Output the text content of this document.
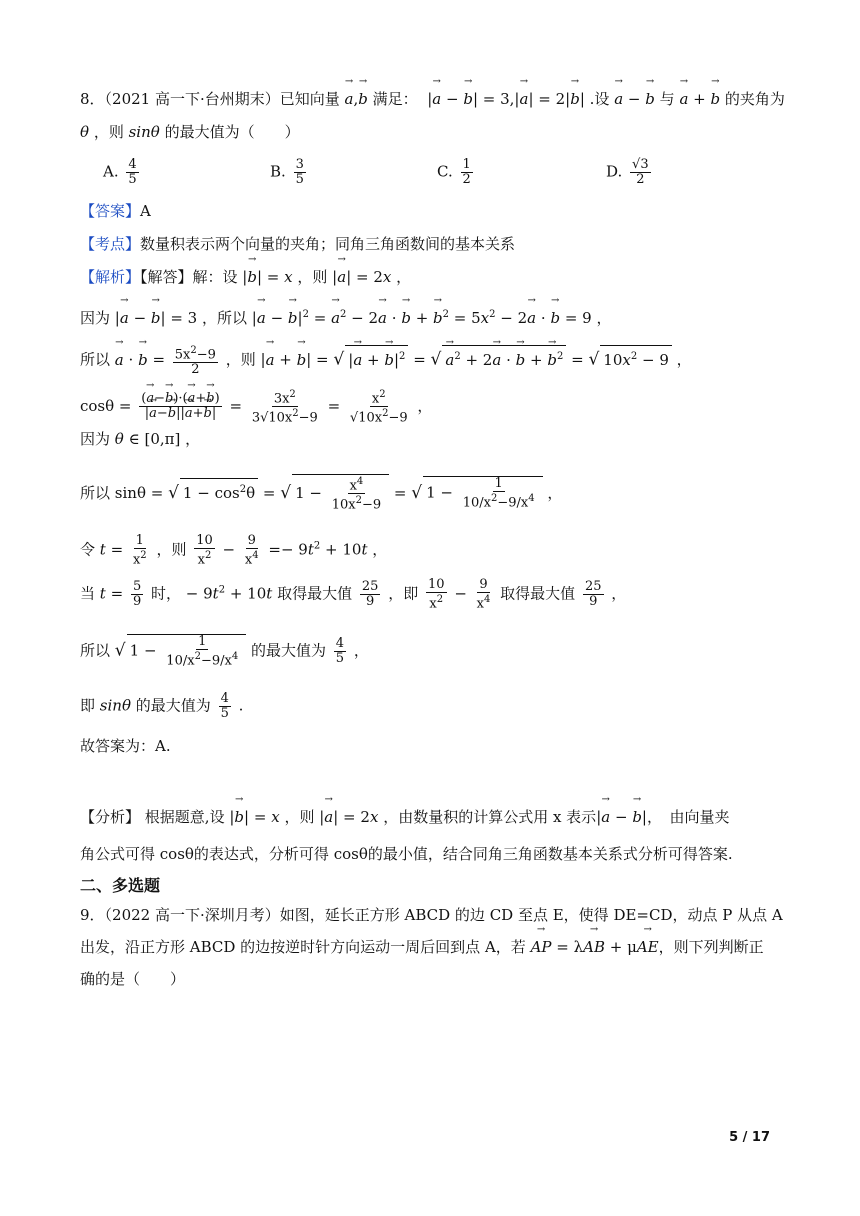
8．（2021 高一下·台州期末）已知向量 → a,→ b 满足：  |→ a − → b| = 3,|→ a| = 2|→ b| .设 → a − → b 与 → a + → b 的夹角为
θ ，则 sinθ 的最大值为（　　）
A. $\frac{4}{5}$	B. $\frac{3}{5}$	C. $\frac{1}{2}$	D. $\frac{√3}{2}$
【答案】A
【考点】数量积表示两个向量的夹角；同角三角函数间的基本关系
【解析】【解答】解：设 |→ b| = x ，则 |→ a| = 2x ，
因为 |→ a − → b| = 3 ，所以 |→ a − → $b|^2$ = → $a^2 - 2\to a$ · → b + → $b^2 = 5x^2 - 2\to a$ · → b = 9 ，
所以 → a · → $b = \frac{5x^2-9}{2}$ ，则 |→ a + → b| = √ |→ a + → $b|^2$ = √ → $a^2 + 2\to a$ · → b + → $b^2$ = √ $10x^2 - 9$ ，
$\cos\theta = \frac{(\to a-\to b)\cdot(\to a+\to b)}{|\to a-\to b||\to a+\to b|} = \frac{3x^2}{3√10x^2-9} = \frac{x^2}{√10x^2-9}$ ，
因为 θ ∈ [0,π] ，
所以 sinθ = √ $1 - \cos^2\theta$ = √ $1 - \frac{x^4}{10x^2-9}$ = √ $1 - \frac{1}{10/x^2-9/x^4}$ ，
令 $t = \frac{1}{x^2}$ ，则 $\frac{10}{x^2} - \frac{9}{x^4} =- 9t^2 + 10t$ ，
当 $t = \frac{5}{9}$ 时， − $9t^2 + 10t$ 取得最大值 $\frac{25}{9}$ ，即 $\frac{10}{x^2} - \frac{9}{x^4}$ 取得最大值 $\frac{25}{9}$ ，
所以 √ $1 - \frac{1}{10/x^2-9/x^4}$ 的最大值为 $\frac{4}{5}$ ，
即 sinθ 的最大值为 $\frac{4}{5}$ .
故答案为：A.
【分析】 根据题意,设 |→ b| = x ，则 |→ a| = 2x ，由数量积的计算公式用 x 表示|→ a − → b|，　由向量夹
角公式可得 cosθ的表达式，分析可得 cosθ的最小值，结合同角三角函数基本关系式分析可得答案.
二、多选题
9．（2022 高一下·深圳月考）如图，延长正方形 ABCD 的边 CD 至点 E，使得 DE=CD，动点 P 从点 A
出发，沿正方形 ABCD 的边按逆时针方向运动一周后回到点 A，若 → AP = λ→ AB + μ→ AE，则下列判断正
确的是（　　）
5 / 17
